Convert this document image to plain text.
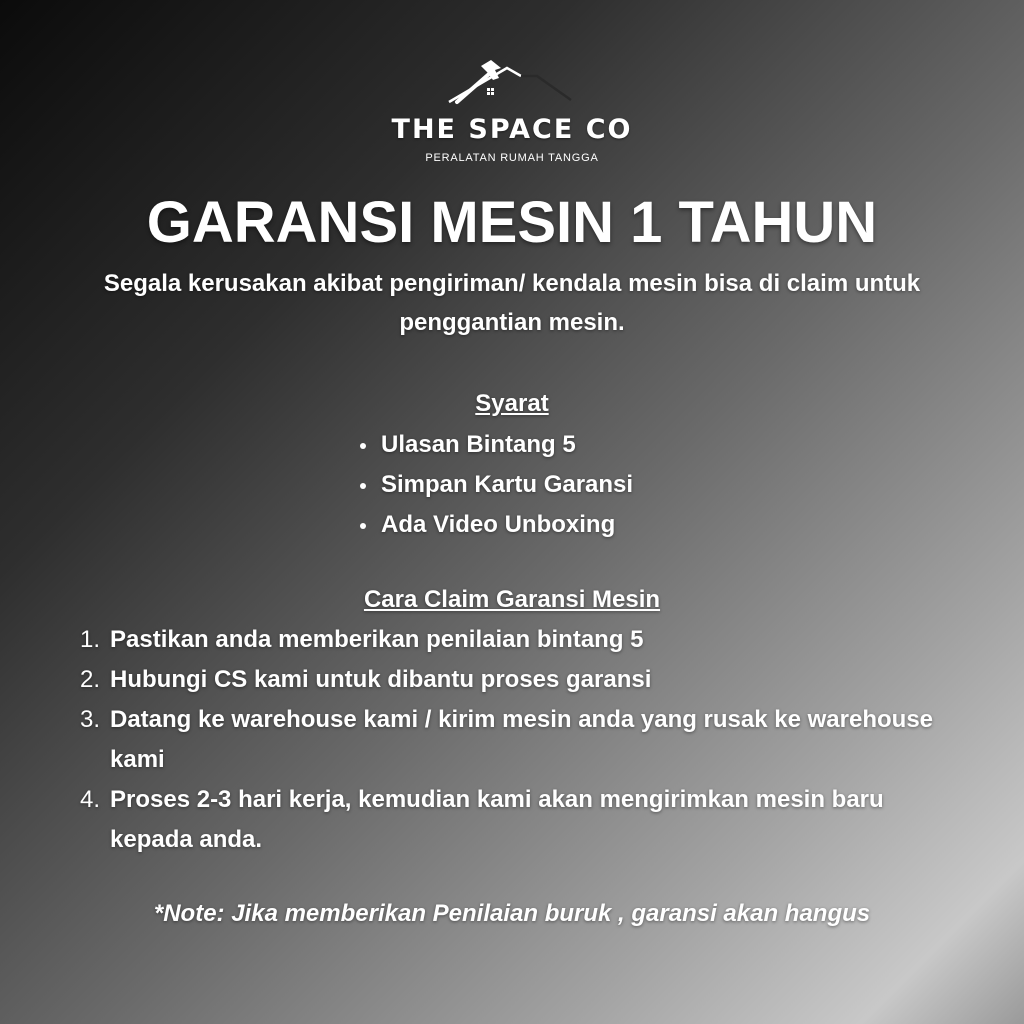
THE SPACE CO
PERALATAN RUMAH TANGGA
GARANSI MESIN 1 TAHUN

Segala kerusakan akibat pengiriman/ kendala mesin bisa di claim untuk penggantian mesin.

Syarat
Ulasan Bintang 5
Simpan Kartu Garansi
Ada Video Unboxing
Cara Claim Garansi Mesin
1. Pastikan anda memberikan penilaian bintang 5
2. Hubungi CS kami untuk dibantu proses garansi
3. Datang ke warehouse kami / kirim mesin anda yang rusak ke warehouse kami
4. Proses 2-3 hari kerja, kemudian kami akan mengirimkan mesin baru kepada anda.

*Note: Jika memberikan Penilaian buruk , garansi akan hangus
